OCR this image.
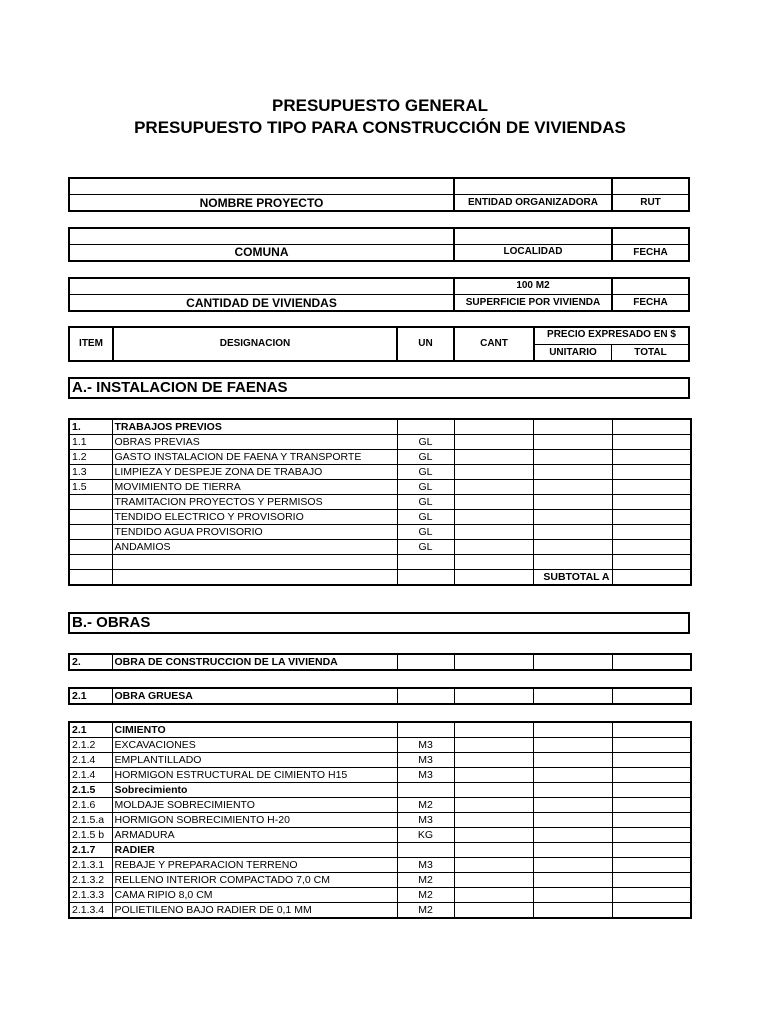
PRESUPUESTO GENERAL
PRESUPUESTO TIPO PARA CONSTRUCCIÓN DE VIVIENDAS
NOMBRE PROYECTO	ENTIDAD ORGANIZADORA	RUT
COMUNA	LOCALIDAD	FECHA
100 M2
CANTIDAD DE VIVIENDAS	SUPERFICIE POR VIVIENDA	FECHA
ITEM	DESIGNACION	UN	CANT
PRECIO EXPRESADO EN $
UNITARIO	TOTAL
A.- INSTALACION DE FAENAS
1.	TRABAJOS PREVIOS				
1.1	OBRAS PREVIAS	GL			
1.2	GASTO INSTALACION DE FAENA Y TRANSPORTE	GL			
1.3	LIMPIEZA Y DESPEJE ZONA DE TRABAJO	GL			
1.5	MOVIMIENTO DE TIERRA	GL			
	TRAMITACION PROYECTOS Y PERMISOS	GL			
	TENDIDO ELECTRICO Y PROVISORIO	GL			
	TENDIDO AGUA PROVISORIO	GL			
	ANDAMIOS	GL			

				SUBTOTAL A	
B.- OBRAS
2.	OBRA DE CONSTRUCCION DE LA VIVIENDA				
2.1	OBRA GRUESA				
2.1	CIMIENTO				
2.1.2	EXCAVACIONES	M3			
2.1.4	EMPLANTILLADO	M3			
2.1.4	HORMIGON ESTRUCTURAL DE CIMIENTO H15	M3			
2.1.5	Sobrecimiento				
2.1.6	MOLDAJE SOBRECIMIENTO	M2			
2.1.5.a	HORMIGON SOBRECIMIENTO H-20	M3			
2.1.5 b	ARMADURA	KG			
2.1.7	RADIER				
2.1.3.1	REBAJE Y PREPARACION TERRENO	M3			
2.1.3.2	RELLENO INTERIOR COMPACTADO 7,0 CM	M2			
2.1.3.3	CAMA RIPIO 8,0 CM	M2			
2.1.3.4	POLIETILENO BAJO RADIER DE 0,1 MM	M2			
